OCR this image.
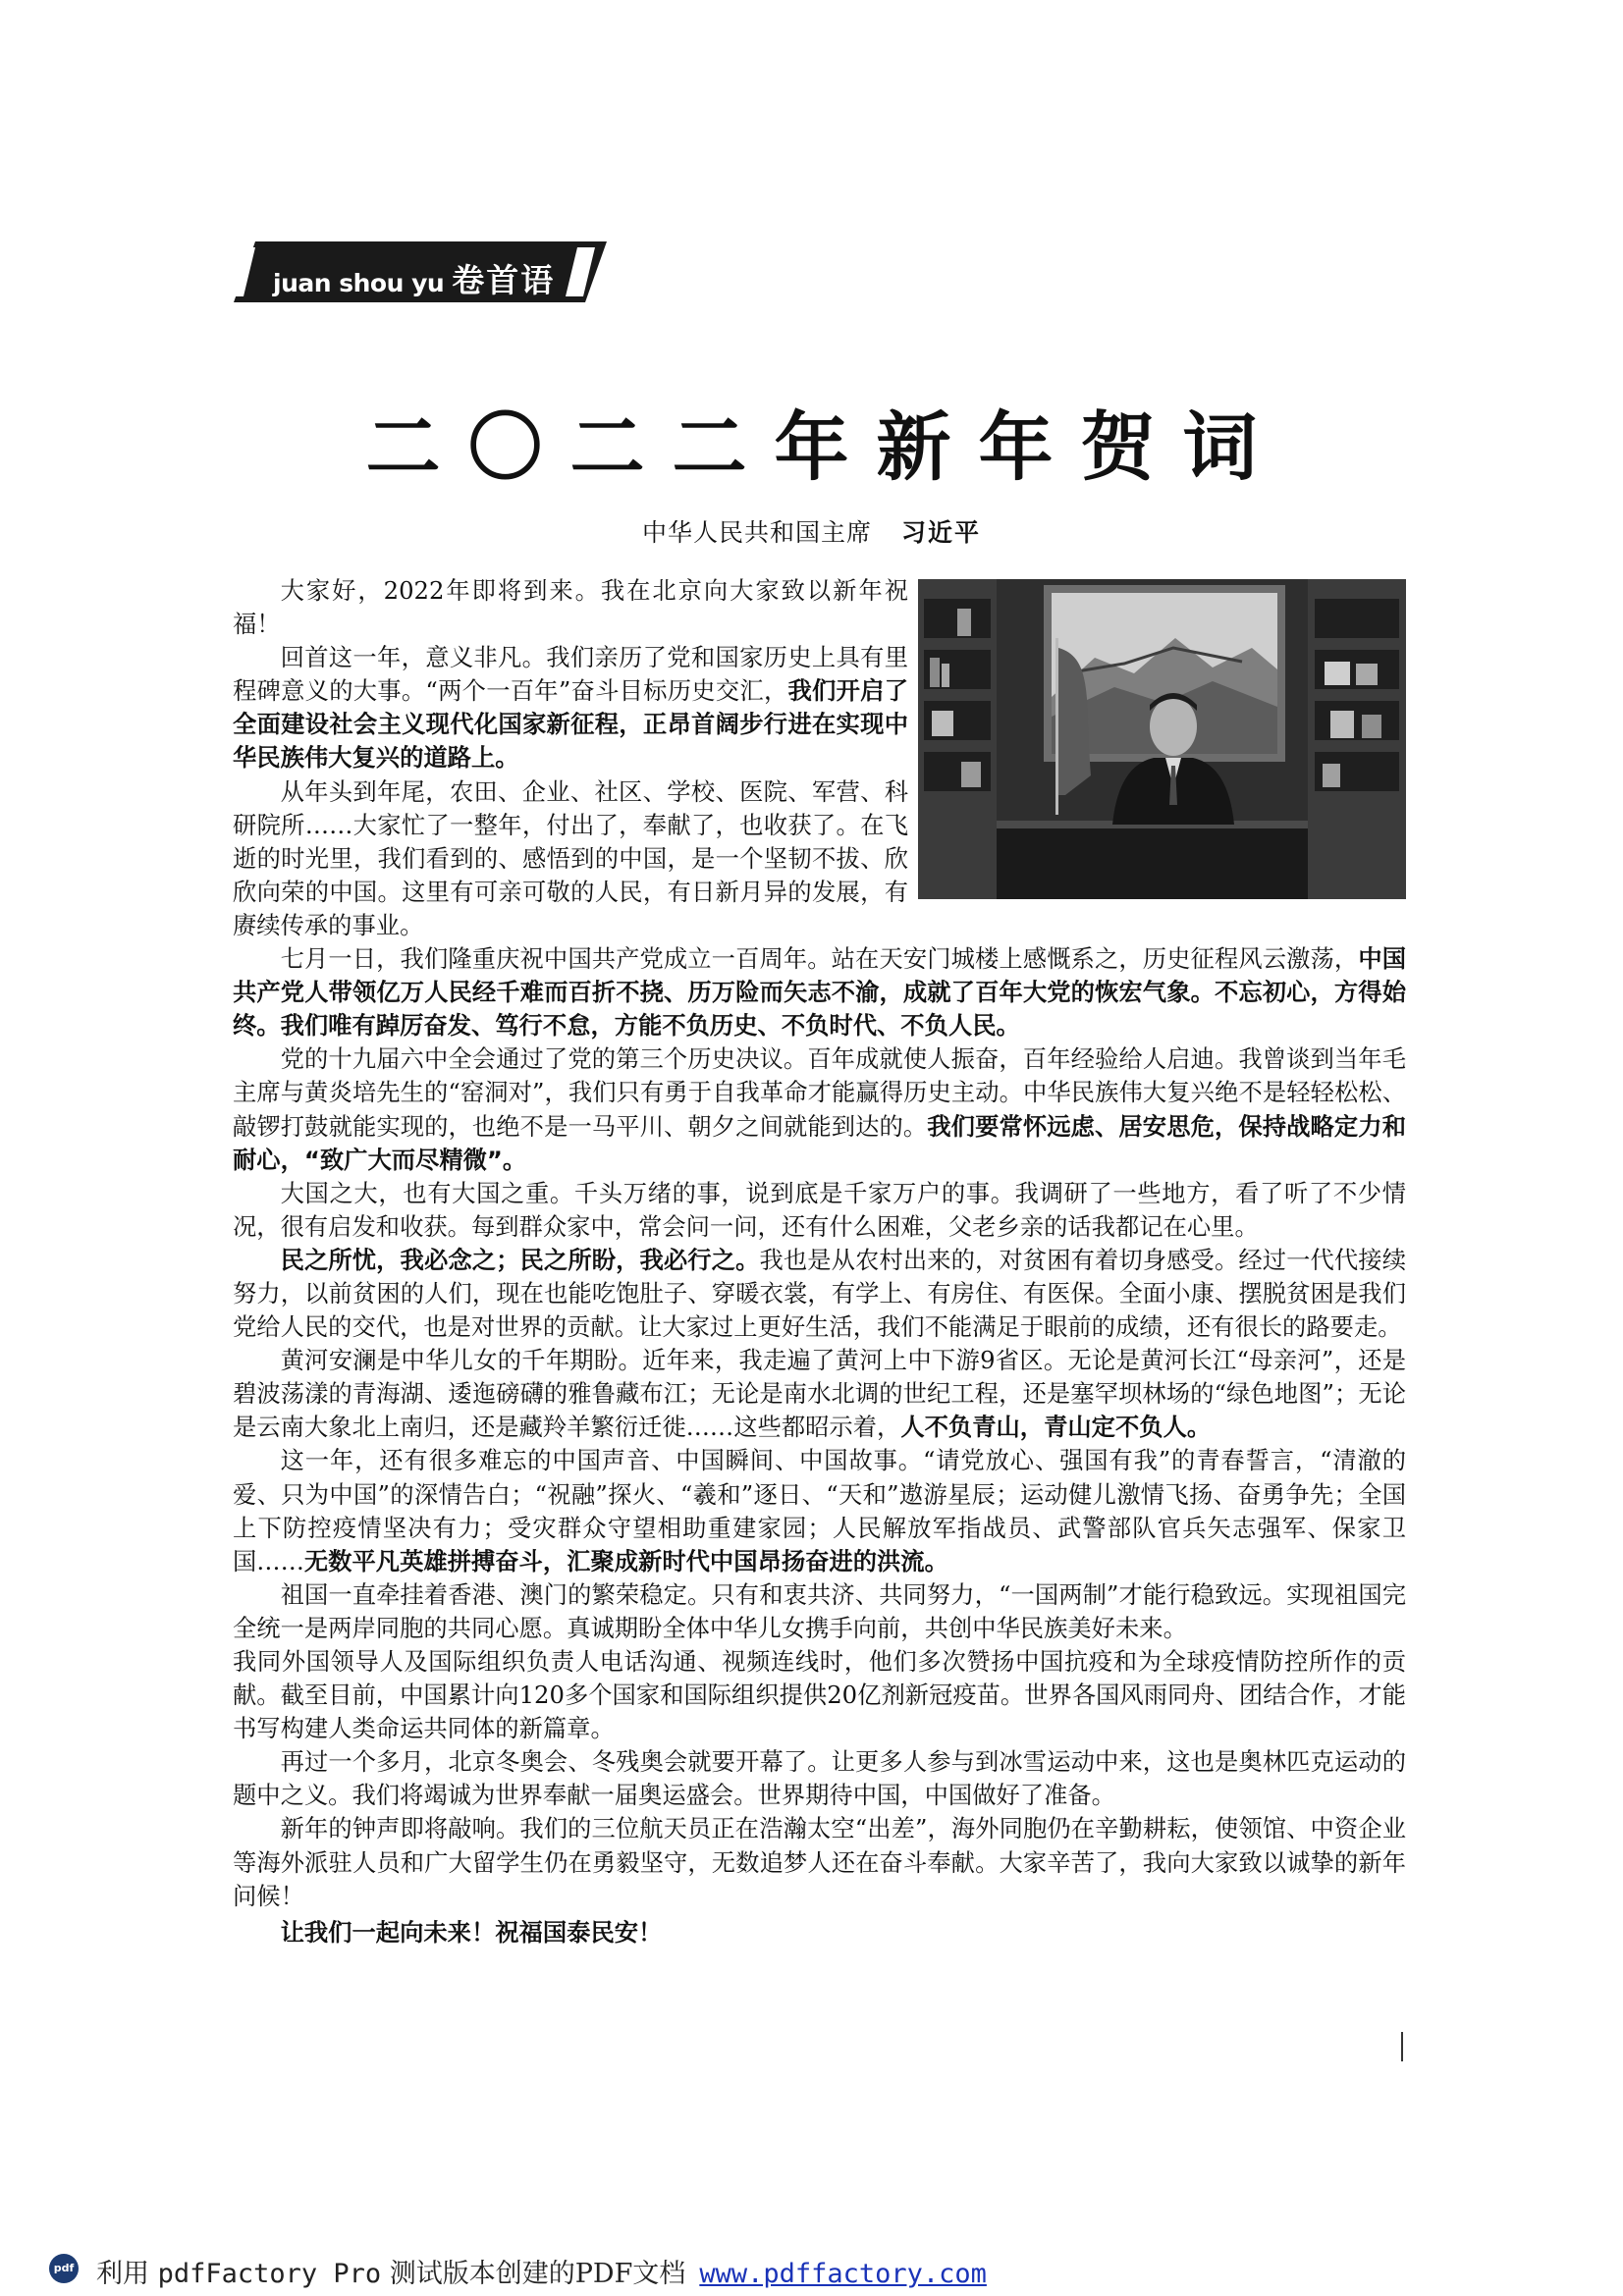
juan shou yu 卷首语
二〇二二年新年贺词
中华人民共和国主席 习近平

大家好，2022年即将到来。我在北京向大家致以新年祝福！

回首这一年，意义非凡。我们亲历了党和国家历史上具有里程碑意义的大事。“两个一百年”奋斗目标历史交汇，我们开启了全面建设社会主义现代化国家新征程，正昂首阔步行进在实现中华民族伟大复兴的道路上。

从年头到年尾，农田、企业、社区、学校、医院、军营、科研院所……大家忙了一整年，付出了，奉献了，也收获了。在飞逝的时光里，我们看到的、感悟到的中国，是一个坚韧不拔、欣欣向荣的中国。这里有可亲可敬的人民，有日新月异的发展，有赓续传承的事业。

七月一日，我们隆重庆祝中国共产党成立一百周年。站在天安门城楼上感慨系之，历史征程风云激荡，中国共产党人带领亿万人民经千难而百折不挠、历万险而矢志不渝，成就了百年大党的恢宏气象。不忘初心，方得始终。我们唯有踔厉奋发、笃行不怠，方能不负历史、不负时代、不负人民。

党的十九届六中全会通过了党的第三个历史决议。百年成就使人振奋，百年经验给人启迪。我曾谈到当年毛主席与黄炎培先生的“窑洞对”，我们只有勇于自我革命才能赢得历史主动。中华民族伟大复兴绝不是轻轻松松、敲锣打鼓就能实现的，也绝不是一马平川、朝夕之间就能到达的。我们要常怀远虑、居安思危，保持战略定力和耐心，“致广大而尽精微”。

大国之大，也有大国之重。千头万绪的事，说到底是千家万户的事。我调研了一些地方，看了听了不少情况，很有启发和收获。每到群众家中，常会问一问，还有什么困难，父老乡亲的话我都记在心里。

民之所忧，我必念之；民之所盼，我必行之。我也是从农村出来的，对贫困有着切身感受。经过一代代接续努力，以前贫困的人们，现在也能吃饱肚子、穿暖衣裳，有学上、有房住、有医保。全面小康、摆脱贫困是我们党给人民的交代，也是对世界的贡献。让大家过上更好生活，我们不能满足于眼前的成绩，还有很长的路要走。

黄河安澜是中华儿女的千年期盼。近年来，我走遍了黄河上中下游9省区。无论是黄河长江“母亲河”，还是碧波荡漾的青海湖、逶迤磅礴的雅鲁藏布江；无论是南水北调的世纪工程，还是塞罕坝林场的“绿色地图”；无论是云南大象北上南归，还是藏羚羊繁衍迁徙……这些都昭示着，人不负青山，青山定不负人。

这一年，还有很多难忘的中国声音、中国瞬间、中国故事。“请党放心、强国有我”的青春誓言，“清澈的爱、只为中国”的深情告白；“祝融”探火、“羲和”逐日、“天和”遨游星辰；运动健儿激情飞扬、奋勇争先；全国上下防控疫情坚决有力；受灾群众守望相助重建家园；人民解放军指战员、武警部队官兵矢志强军、保家卫国……无数平凡英雄拼搏奋斗，汇聚成新时代中国昂扬奋进的洪流。

祖国一直牵挂着香港、澳门的繁荣稳定。只有和衷共济、共同努力，“一国两制”才能行稳致远。实现祖国完全统一是两岸同胞的共同心愿。真诚期盼全体中华儿女携手向前，共创中华民族美好未来。

我同外国领导人及国际组织负责人电话沟通、视频连线时，他们多次赞扬中国抗疫和为全球疫情防控所作的贡献。截至目前，中国累计向120多个国家和国际组织提供20亿剂新冠疫苗。世界各国风雨同舟、团结合作，才能书写构建人类命运共同体的新篇章。

再过一个多月，北京冬奥会、冬残奥会就要开幕了。让更多人参与到冰雪运动中来，这也是奥林匹克运动的题中之义。我们将竭诚为世界奉献一届奥运盛会。世界期待中国，中国做好了准备。

新年的钟声即将敲响。我们的三位航天员正在浩瀚太空“出差”，海外同胞仍在辛勤耕耘，使领馆、中资企业等海外派驻人员和广大留学生仍在勇毅坚守，无数追梦人还在奋斗奉献。大家辛苦了，我向大家致以诚挚的新年问候！

让我们一起向未来！祝福国泰民安！

pdf 利用 pdfFactory Pro 测试版本创建的PDF文档 www.pdffactory.com
